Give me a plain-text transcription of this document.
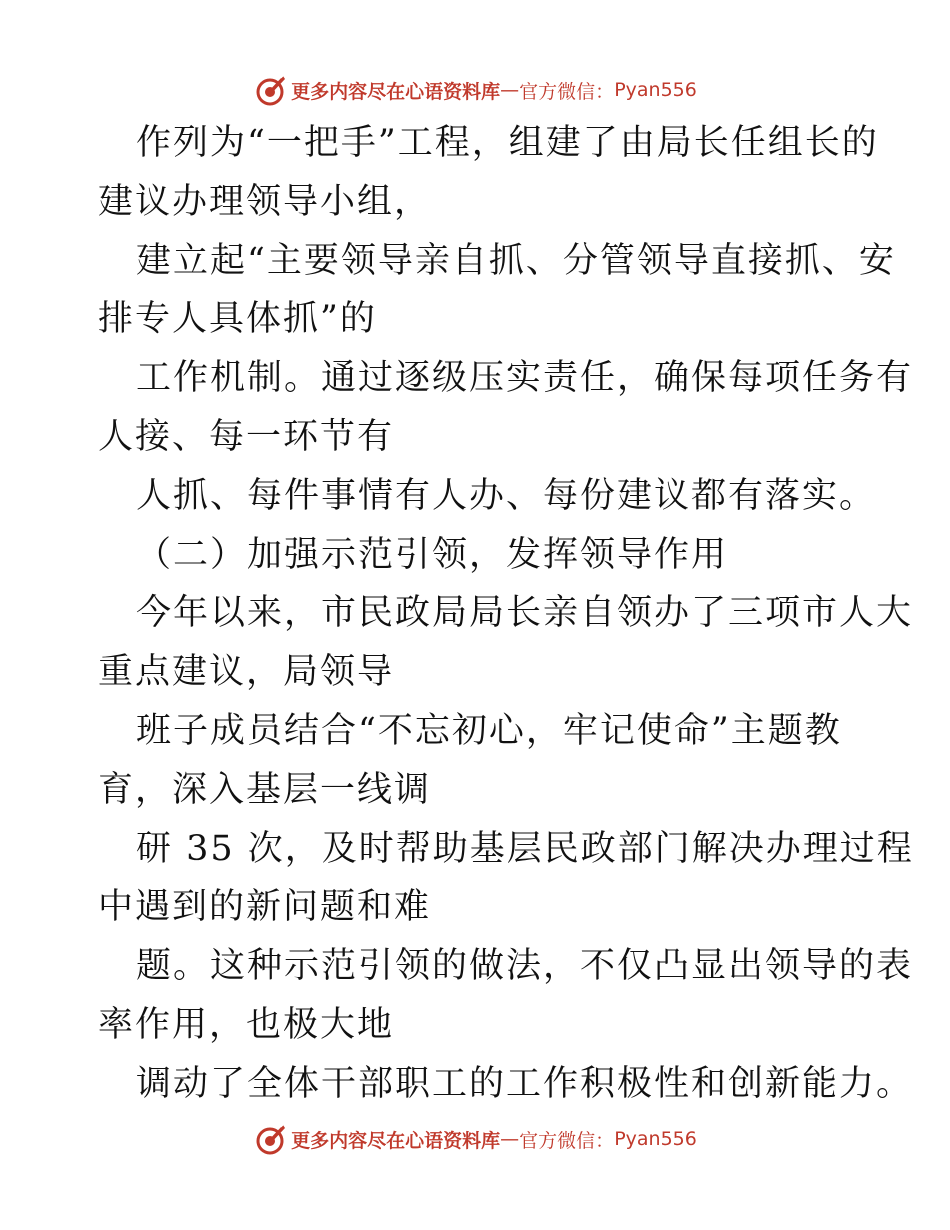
更多内容尽在心语资料库 — 官方微信： Pyan556
作列为“一把手”工程，组建了由局长任组长的
建议办理领导小组，
建立起“主要领导亲自抓、分管领导直接抓、安
排专人具体抓”的
工作机制。通过逐级压实责任，确保每项任务有
人接、每一环节有
人抓、每件事情有人办、每份建议都有落实。
（二）加强示范引领，发挥领导作用
今年以来，市民政局局长亲自领办了三项市人大
重点建议，局领导
班子成员结合“不忘初心，牢记使命”主题教
育，深入基层一线调
研 35 次，及时帮助基层民政部门解决办理过程
中遇到的新问题和难
题。这种示范引领的做法，不仅凸显出领导的表
率作用，也极大地
调动了全体干部职工的工作积极性和创新能力。
更多内容尽在心语资料库 — 官方微信： Pyan556
